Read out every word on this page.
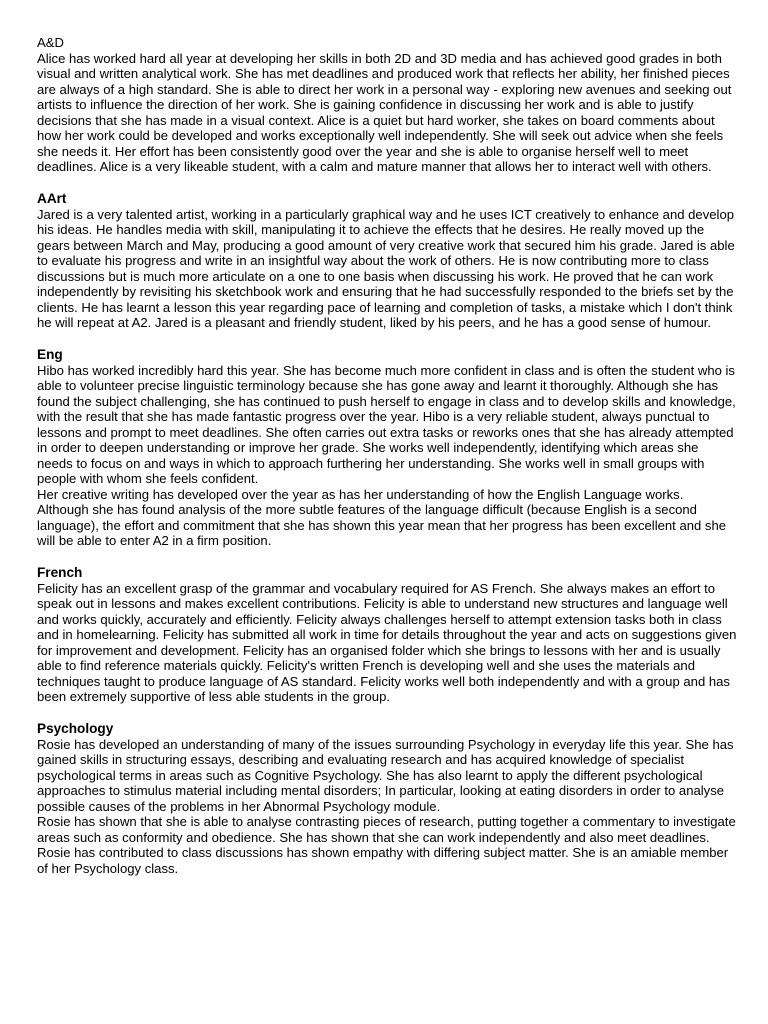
A&D

Alice has worked hard all year at developing her skills in both 2D and 3D media and has achieved good grades in both visual and written analytical work. She has met deadlines and produced work that reflects her ability, her finished pieces are always of a high standard. She is able to direct her work in a personal way - exploring new avenues and seeking out artists to influence the direction of her work. She is gaining confidence in discussing her work and is able to justify decisions that she has made in a visual context. Alice is a quiet but hard worker, she takes on board comments about how her work could be developed and works exceptionally well independently. She will seek out advice when she feels she needs it. Her effort has been consistently good over the year and she is able to organise herself well to meet deadlines. Alice is a very likeable student, with a calm and mature manner that allows her to interact well with others.

AArt

Jared is a very talented artist, working in a particularly graphical way and he uses ICT creatively to enhance and develop his ideas. He handles media with skill, manipulating it to achieve the effects that he desires. He really moved up the gears between March and May, producing a good amount of very creative work that secured him his grade. Jared is able to evaluate his progress and write in an insightful way about the work of others. He is now contributing more to class discussions but is much more articulate on a one to one basis when discussing his work. He proved that he can work independently by revisiting his sketchbook work and ensuring that he had successfully responded to the briefs set by the clients. He has learnt a lesson this year regarding pace of learning and completion of tasks, a mistake which I don't think he will repeat at A2. Jared is a pleasant and friendly student, liked by his peers, and he has a good sense of humour.

Eng

Hibo has worked incredibly hard this year. She has become much more confident in class and is often the student who is able to volunteer precise linguistic terminology because she has gone away and learnt it thoroughly. Although she has found the subject challenging, she has continued to push herself to engage in class and to develop skills and knowledge, with the result that she has made fantastic progress over the year. Hibo is a very reliable student, always punctual to lessons and prompt to meet deadlines. She often carries out extra tasks or reworks ones that she has already attempted in order to deepen understanding or improve her grade. She works well independently, identifying which areas she needs to focus on and ways in which to approach furthering her understanding. She works well in small groups with people with whom she feels confident.

Her creative writing has developed over the year as has her understanding of how the English Language works. Although she has found analysis of the more subtle features of the language difficult (because English is a second language), the effort and commitment that she has shown this year mean that her progress has been excellent and she will be able to enter A2 in a firm position.

French

Felicity has an excellent grasp of the grammar and vocabulary required for AS French. She always makes an effort to speak out in lessons and makes excellent contributions. Felicity is able to understand new structures and language well and works quickly, accurately and efficiently. Felicity always challenges herself to attempt extension tasks both in class and in homelearning. Felicity has submitted all work in time for details throughout the year and acts on suggestions given for improvement and development. Felicity has an organised folder which she brings to lessons with her and is usually able to find reference materials quickly. Felicity's written French is developing well and she uses the materials and techniques taught to produce language of AS standard. Felicity works well both independently and with a group and has been extremely supportive of less able students in the group.

Psychology

Rosie has developed an understanding of many of the issues surrounding Psychology in everyday life this year. She has gained skills in structuring essays, describing and evaluating research and has acquired knowledge of specialist psychological terms in areas such as Cognitive Psychology. She has also learnt to apply the different psychological approaches to stimulus material including mental disorders; In particular, looking at eating disorders in order to analyse possible causes of the problems in her Abnormal Psychology module.

Rosie has shown that she is able to analyse contrasting pieces of research, putting together a commentary to investigate areas such as conformity and obedience. She has shown that she can work independently and also meet deadlines.

Rosie has contributed to class discussions has shown empathy with differing subject matter. She is an amiable member of her Psychology class.
